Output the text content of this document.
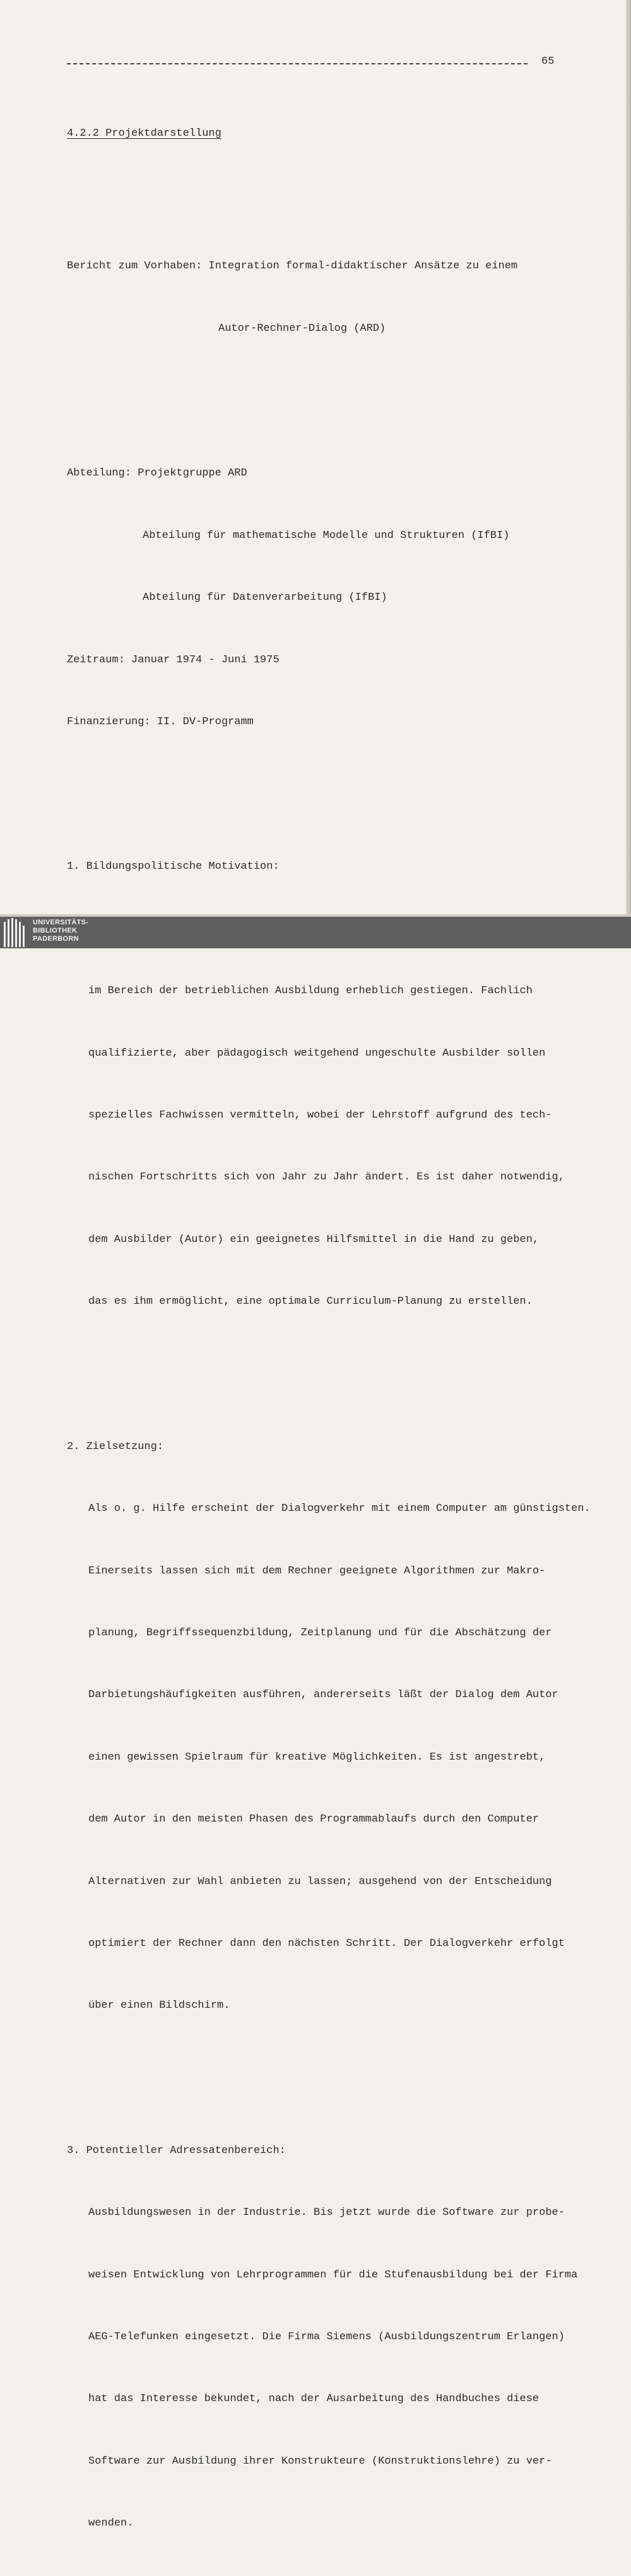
65

4.2.2 Projektdarstellung

Bericht zum Vorhaben: Integration formal-didaktischer Ansätze zu einem

Autor-Rechner-Dialog (ARD)

Abteilung: Projektgruppe ARD

Abteilung für mathematische Modelle und Strukturen (IfBI)

Abteilung für Datenverarbeitung (IfBI)

Zeitraum: Januar 1974 - Juni 1975

Finanzierung: II. DV-Programm

1. Bildungspolitische Motivation:

im Bereich der betrieblichen Ausbildung erheblich gestiegen. Fachlich

qualifizierte, aber pädagogisch weitgehend ungeschulte Ausbilder sollen

spezielles Fachwissen vermitteln, wobei der Lehrstoff aufgrund des tech-

nischen Fortschritts sich von Jahr zu Jahr ändert. Es ist daher notwendig,

dem Ausbilder (Autor) ein geeignetes Hilfsmittel in die Hand zu geben,

das es ihm ermöglicht, eine optimale Curriculum-Planung zu erstellen.

2. Zielsetzung:

Als o. g. Hilfe erscheint der Dialogverkehr mit einem Computer am günstigsten.

Einerseits lassen sich mit dem Rechner geeignete Algorithmen zur Makro-

planung, Begriffssequenzbildung, Zeitplanung und für die Abschätzung der

Darbietungshäufigkeiten ausführen, andererseits läßt der Dialog dem Autor

einen gewissen Spielraum für kreative Möglichkeiten. Es ist angestrebt,

dem Autor in den meisten Phasen des Programmablaufs durch den Computer

Alternativen zur Wahl anbieten zu lassen; ausgehend von der Entscheidung

optimiert der Rechner dann den nächsten Schritt. Der Dialogverkehr erfolgt

über einen Bildschirm.

3. Potentieller Adressatenbereich:

Ausbildungswesen in der Industrie. Bis jetzt wurde die Software zur probe-

weisen Entwicklung von Lehrprogrammen für die Stufenausbildung bei der Firma

AEG-Telefunken eingesetzt. Die Firma Siemens (Ausbildungszentrum Erlangen)

hat das Interesse bekundet, nach der Ausarbeitung des Handbuches diese

Software zur Ausbildung ihrer Konstrukteure (Konstruktionslehre) zu ver-

wenden.

UNIVERSITÄTS-
BIBLIOTHEK
PADERBORN
